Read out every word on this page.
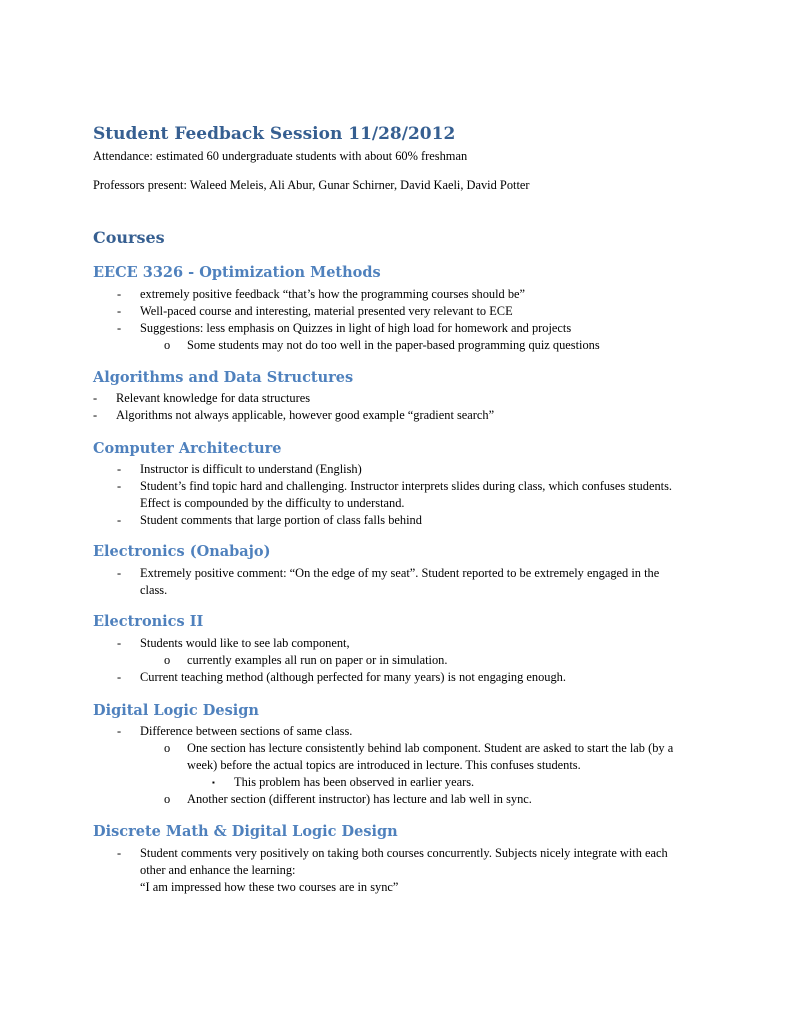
Student Feedback Session 11/28/2012
Attendance: estimated 60 undergraduate students with about 60% freshman
Professors present: Waleed Meleis, Ali Abur, Gunar Schirner, David Kaeli, David Potter
Courses
EECE 3326 - Optimization Methods
- extremely positive feedback “that’s how the programming courses should be”
- Well-paced course and interesting, material presented very relevant to ECE
- Suggestions: less emphasis on Quizzes in light of high load for homework and projects
o Some students may not do too well in the paper-based programming quiz questions
Algorithms and Data Structures
- Relevant knowledge for data structures
- Algorithms not always applicable, however good example “gradient search”
Computer Architecture
- Instructor is difficult to understand (English)
- Student’s find topic hard and challenging. Instructor interprets slides during class, which confuses students.
Effect is compounded by the difficulty to understand.
- Student comments that large portion of class falls behind
Electronics (Onabajo)
- Extremely positive comment: “On the edge of my seat”. Student reported to be extremely engaged in the
class.
Electronics II
- Students would like to see lab component,
o currently examples all run on paper or in simulation.
- Current teaching method (although perfected for many years) is not engaging enough.
Digital Logic Design
- Difference between sections of same class.
o One section has lecture consistently behind lab component. Student are asked to start the lab (by a
week) before the actual topics are introduced in lecture. This confuses students.
▪ This problem has been observed in earlier years.
o Another section (different instructor) has lecture and lab well in sync.
Discrete Math & Digital Logic Design
- Student comments very positively on taking both courses concurrently. Subjects nicely integrate with each
other and enhance the learning:
“I am impressed how these two courses are in sync”
